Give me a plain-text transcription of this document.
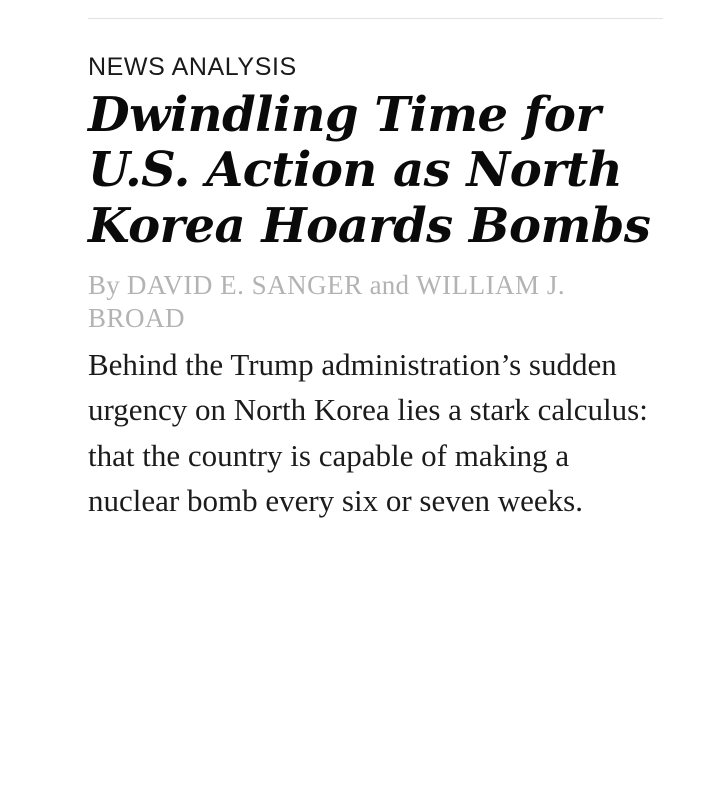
NEWS ANALYSIS
Dwindling Time for U.S. Action as North Korea Hoards Bombs
By DAVID E. SANGER and WILLIAM J. BROAD

Behind the Trump administration’s sudden urgency on North Korea lies a stark calculus: that the country is capable of making a nuclear bomb every six or seven weeks.
